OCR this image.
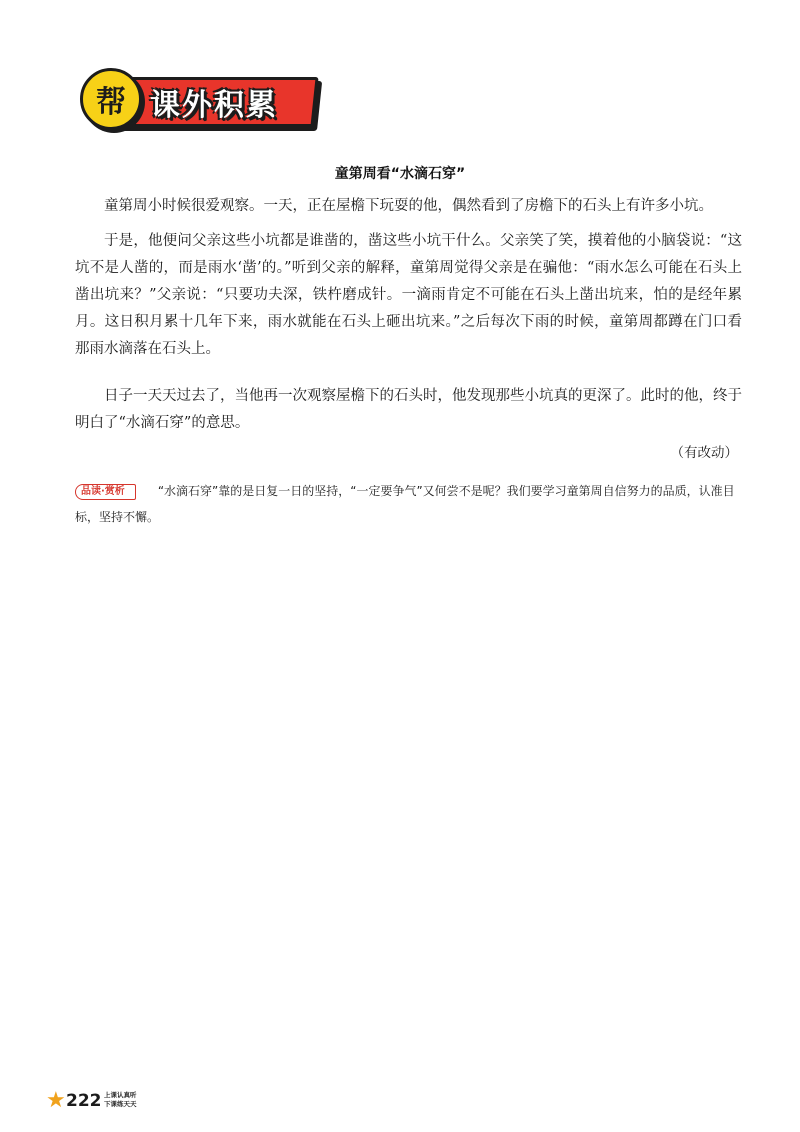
课外积累
帮
童第周看“水滴石穿”

童第周小时候很爱观察。一天，正在屋檐下玩耍的他，偶然看到了房檐下的石头上有许多小坑。

于是，他便问父亲这些小坑都是谁凿的，凿这些小坑干什么。父亲笑了笑，摸着他的小脑袋说：“这坑不是人凿的，而是雨水‘凿’的。”听到父亲的解释，童第周觉得父亲是在骗他：“雨水怎么可能在石头上凿出坑来？”父亲说：“只要功夫深，铁杵磨成针。一滴雨肯定不可能在石头上凿出坑来，怕的是经年累月。这日积月累十几年下来，雨水就能在石头上砸出坑来。”之后每次下雨的时候，童第周都蹲在门口看那雨水滴落在石头上。

日子一天天过去了，当他再一次观察屋檐下的石头时，他发现那些小坑真的更深了。此时的他，终于明白了“水滴石穿”的意思。

（有改动）
品读·赏析	“水滴石穿”靠的是日复一日的坚持，“一定要争气”又何尝不是呢？我们要学习童第周自信努力的品质，认准目标，坚持不懈。
★ 222 上课认真听 下课练天天
